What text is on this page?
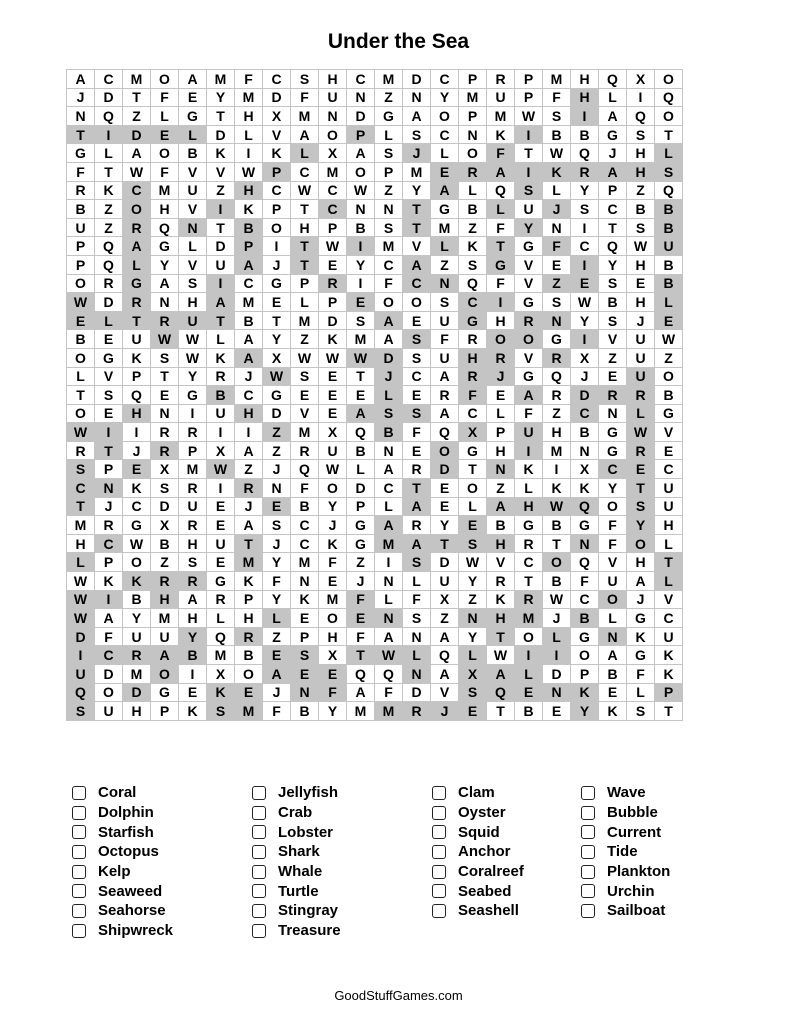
Under the Sea
A	C	M	O	A	M	F	C	S	H	C	M	D	C	P	R	P	M	H	Q	X	O
J	D	T	F	E	Y	M	D	F	U	N	Z	N	Y	M	U	P	F	H	L	I	Q
N	Q	Z	L	G	T	H	X	M	N	D	G	A	O	P	M	W	S	I	A	Q	O
T	I	D	E	L	D	L	V	A	O	P	L	S	C	N	K	I	B	B	G	S	T
G	L	A	O	B	K	I	K	L	X	A	S	J	L	O	F	T	W	Q	J	H	L
F	T	W	F	V	V	W	P	C	M	O	P	M	E	R	A	I	K	R	A	H	S
R	K	C	M	U	Z	H	C	W	C	W	Z	Y	A	L	Q	S	L	Y	P	Z	Q
B	Z	O	H	V	I	K	P	T	C	N	N	T	G	B	L	U	J	S	C	B	B
U	Z	R	Q	N	T	B	O	H	P	B	S	T	M	Z	F	Y	N	I	T	S	B
P	Q	A	G	L	D	P	I	T	W	I	M	V	L	K	T	G	F	C	Q	W	U
P	Q	L	Y	V	U	A	J	T	E	Y	C	A	Z	S	G	V	E	I	Y	H	B
O	R	G	A	S	I	C	G	P	R	I	F	C	N	Q	F	V	Z	E	S	E	B
W	D	R	N	H	A	M	E	L	P	E	O	O	S	C	I	G	S	W	B	H	L
E	L	T	R	U	T	B	T	M	D	S	A	E	U	G	H	R	N	Y	S	J	E
B	E	U	W	W	L	A	Y	Z	K	M	A	S	F	R	O	O	G	I	V	U	W
O	G	K	S	W	K	A	X	W	W	W	D	S	U	H	R	V	R	X	Z	U	Z
L	V	P	T	Y	R	J	W	S	E	T	J	C	A	R	J	G	Q	J	E	U	O
T	S	Q	E	G	B	C	G	E	E	E	L	E	R	F	E	A	R	D	R	R	B
O	E	H	N	I	U	H	D	V	E	A	S	S	A	C	L	F	Z	C	N	L	G
W	I	I	R	R	I	I	Z	M	X	Q	B	F	Q	X	P	U	H	B	G	W	V
R	T	J	R	P	X	A	Z	R	U	B	N	E	O	G	H	I	M	N	G	R	E
S	P	E	X	M	W	Z	J	Q	W	L	A	R	D	T	N	K	I	X	C	E	C
C	N	K	S	R	I	R	N	F	O	D	C	T	E	O	Z	L	K	K	Y	T	U
T	J	C	D	U	E	J	E	B	Y	P	L	A	E	L	A	H	W	Q	O	S	U
M	R	G	X	R	E	A	S	C	J	G	A	R	Y	E	B	G	B	G	F	Y	H
H	C	W	B	H	U	T	J	C	K	G	M	A	T	S	H	R	T	N	F	O	L
L	P	O	Z	S	E	M	Y	M	F	Z	I	S	D	W	V	C	O	Q	V	H	T
W	K	K	R	R	G	K	F	N	E	J	N	L	U	Y	R	T	B	F	U	A	L
W	I	B	H	A	R	P	Y	K	M	F	L	F	X	Z	K	R	W	C	O	J	V
W	A	Y	M	H	L	H	L	E	O	E	N	S	Z	N	H	M	J	B	L	G	C
D	F	U	U	Y	Q	R	Z	P	H	F	A	N	A	Y	T	O	L	G	N	K	U
I	C	R	A	B	M	B	E	S	X	T	W	L	Q	L	W	I	I	O	A	G	K
U	D	M	O	I	X	O	A	E	E	Q	Q	N	A	X	A	L	D	P	B	F	K
Q	O	D	G	E	K	E	J	N	F	A	F	D	V	S	Q	E	N	K	E	L	P
S	U	H	P	K	S	M	F	B	Y	M	M	R	J	E	T	B	E	Y	K	S	T
Coral
Dolphin
Starfish
Octopus
Kelp
Seaweed
Seahorse
Shipwreck
Jellyfish
Crab
Lobster
Shark
Whale
Turtle
Stingray
Treasure
Clam
Oyster
Squid
Anchor
Coralreef
Seabed
Seashell
Wave
Bubble
Current
Tide
Plankton
Urchin
Sailboat
GoodStuffGames.com
